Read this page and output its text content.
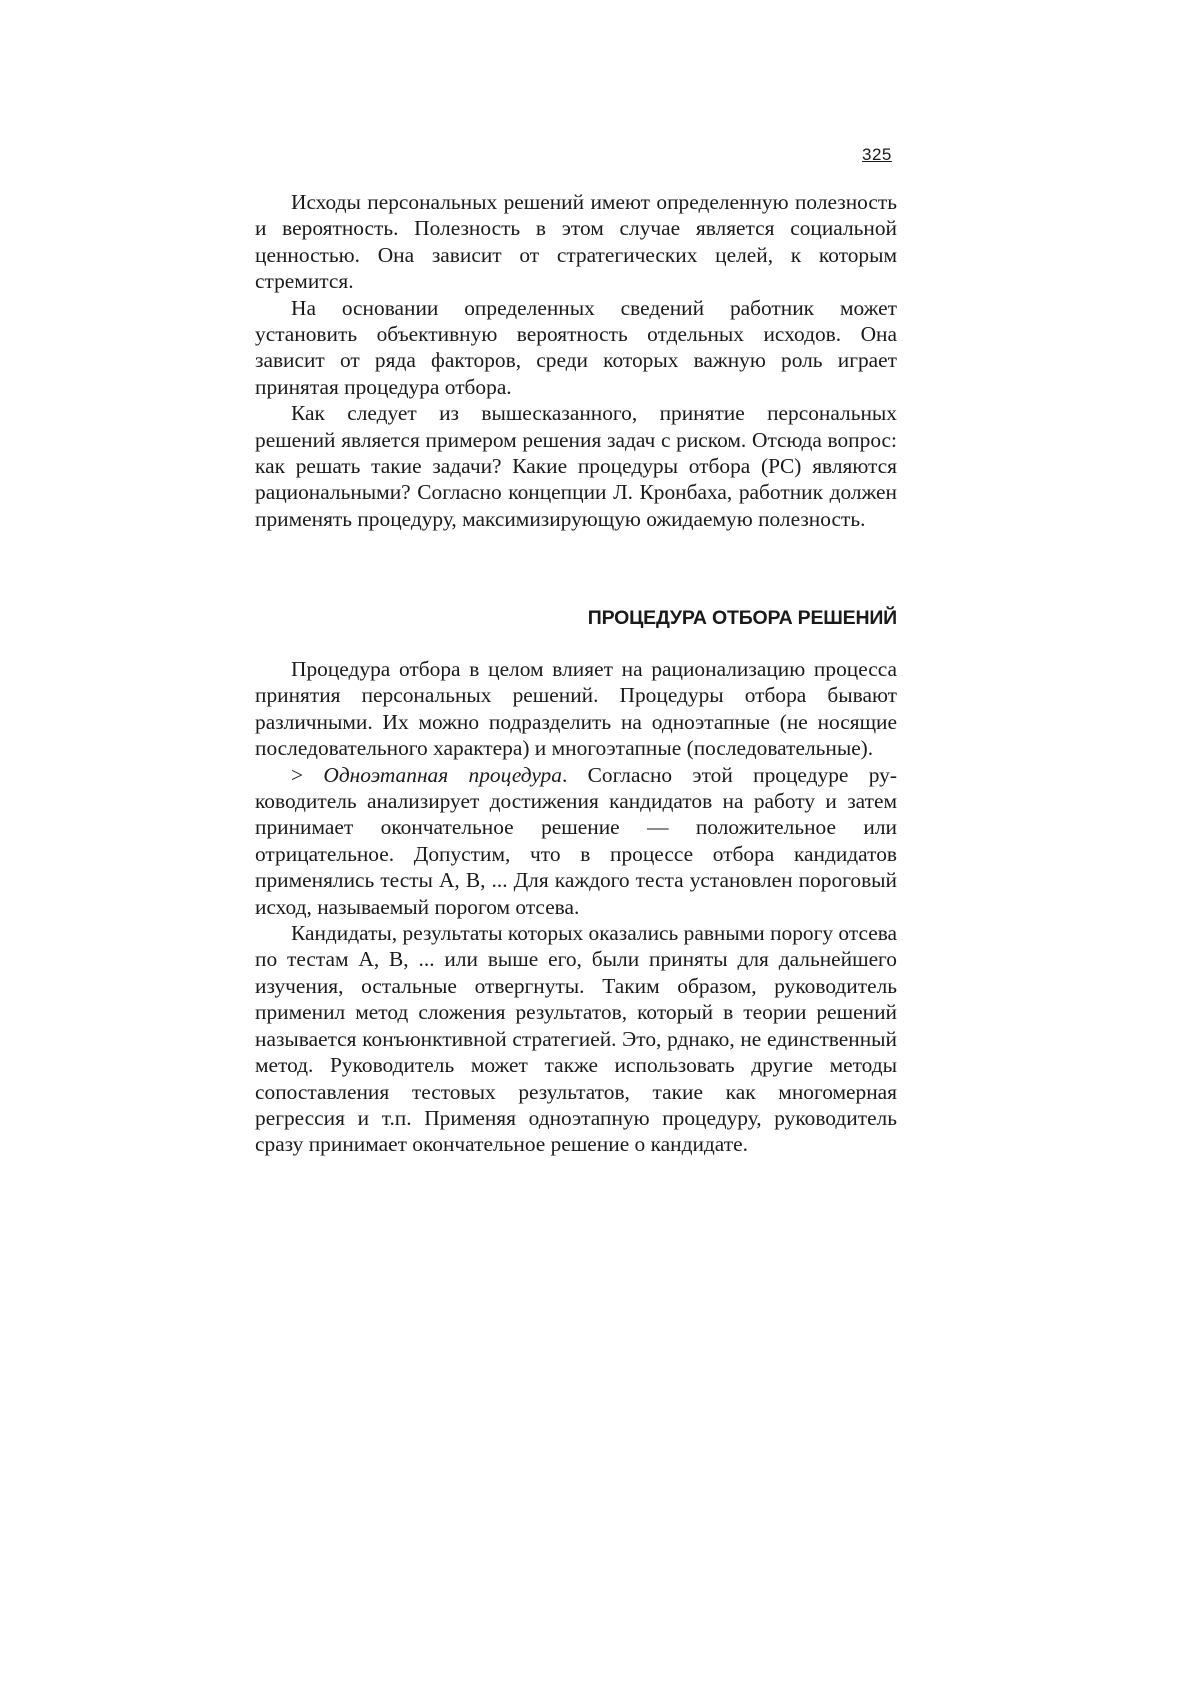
325

Исходы персональных решений имеют определенную полезность и вероятность. Полезность в этом случае является социальной ценностью. Она зависит от стратегических целей, к которым стремится.

На основании определенных сведений работник может установить объективную вероятность отдельных исходов. Она зависит от ряда факторов, среди которых важную роль играет принятая процедура отбора.

Как следует из вышесказанного, принятие персональных решений является примером решения задач с риском. Отсюда вопрос: как решать такие задачи? Какие процедуры отбора (PC) являются рациональными? Согласно концепции Л. Кронбаха, работник должен применять процедуру, максимизирующую ожидаемую полезность.

ПРОЦЕДУРА ОТБОРА РЕШЕНИЙ

Процедура отбора в целом влияет на рационализацию процесса принятия персональных решений. Процедуры отбора бывают различными. Их можно подразделить на одноэтапные (не носящие последовательного характера) и многоэтапные (последовательные).

> Одноэтапная процедура. Согласно этой процедуре руководитель анализирует достижения кандидатов на работу и затем принимает окончательное решение — положительное или отрицательное. Допустим, что в процессе отбора кандидатов применялись тесты А, В, ... Для каждого теста установлен пороговый исход, называемый порогом отсева.

Кандидаты, результаты которых оказались равными порогу отсева по тестам А, В, ... или выше его, были приняты для дальнейшего изучения, остальные отвергнуты. Таким образом, руководитель применил метод сложения результатов, который в теории решений называется конъюнктивной стратегией. Это, рднако, не единственный метод. Руководитель может также использовать другие методы сопоставления тестовых результатов, такие как многомерная регрессия и т.п. Применяя одноэтапную процедуру, руководитель сразу принимает окончательное решение о кандидате.
